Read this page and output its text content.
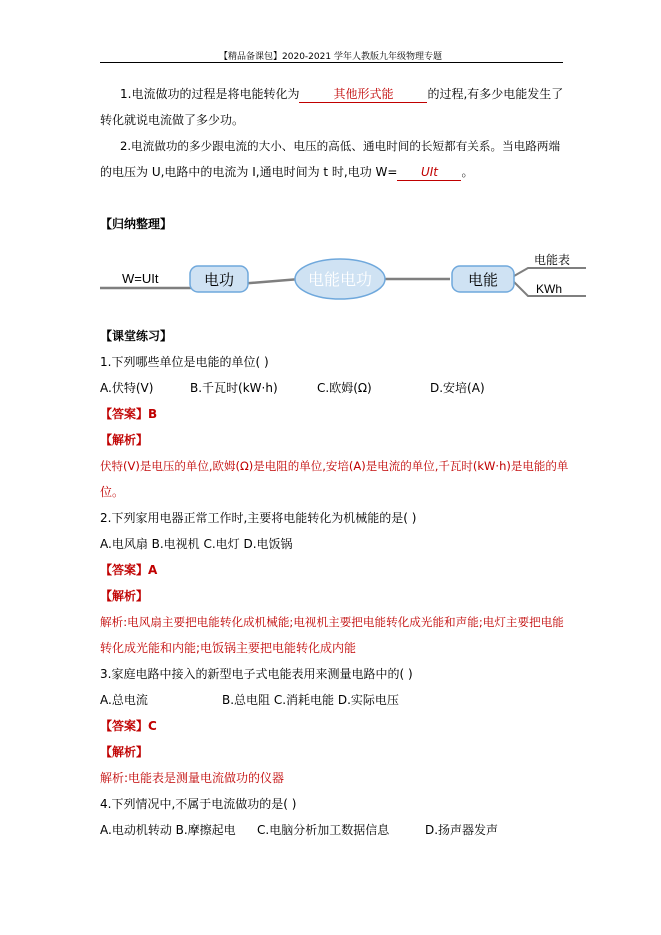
【精品备课包】2020-2021 学年人教版九年级物理专题
1.电流做功的过程是将电能转化为	其他形式能	的过程,有多少电能发生了
转化就说电流做了多少功。
2.电流做功的多少跟电流的大小、电压的高低、通电时间的长短都有关系。当电路两端
的电压为 U,电路中的电流为 I,通电时间为 t 时,电功 W= UIt 。
【归纳整理】
W=UIt	电功	电能电功	电能
电能表
KWh
【课堂练习】
1.下列哪些单位是电能的单位( )
A.伏特(V)	B.千瓦时(kW·h)	C.欧姆(Ω)	D.安培(A)
【答案】B
【解析】
伏特(V)是电压的单位,欧姆(Ω)是电阻的单位,安培(A)是电流的单位,千瓦时(kW·h)是电能的单
位。
2.下列家用电器正常工作时,主要将电能转化为机械能的是( )
A.电风扇 B.电视机 C.电灯 D.电饭锅
【答案】A
【解析】
解析:电风扇主要把电能转化成机械能;电视机主要把电能转化成光能和声能;电灯主要把电能
转化成光能和内能;电饭锅主要把电能转化成内能
3.家庭电路中接入的新型电子式电能表用来测量电路中的( )
A.总电流	B.总电阻 C.消耗电能 D.实际电压
【答案】C
【解析】
解析:电能表是测量电流做功的仪器
4.下列情况中,不属于电流做功的是( )
A.电动机转动 B.摩擦起电 C.电脑分析加工数据信息	D.扬声器发声
